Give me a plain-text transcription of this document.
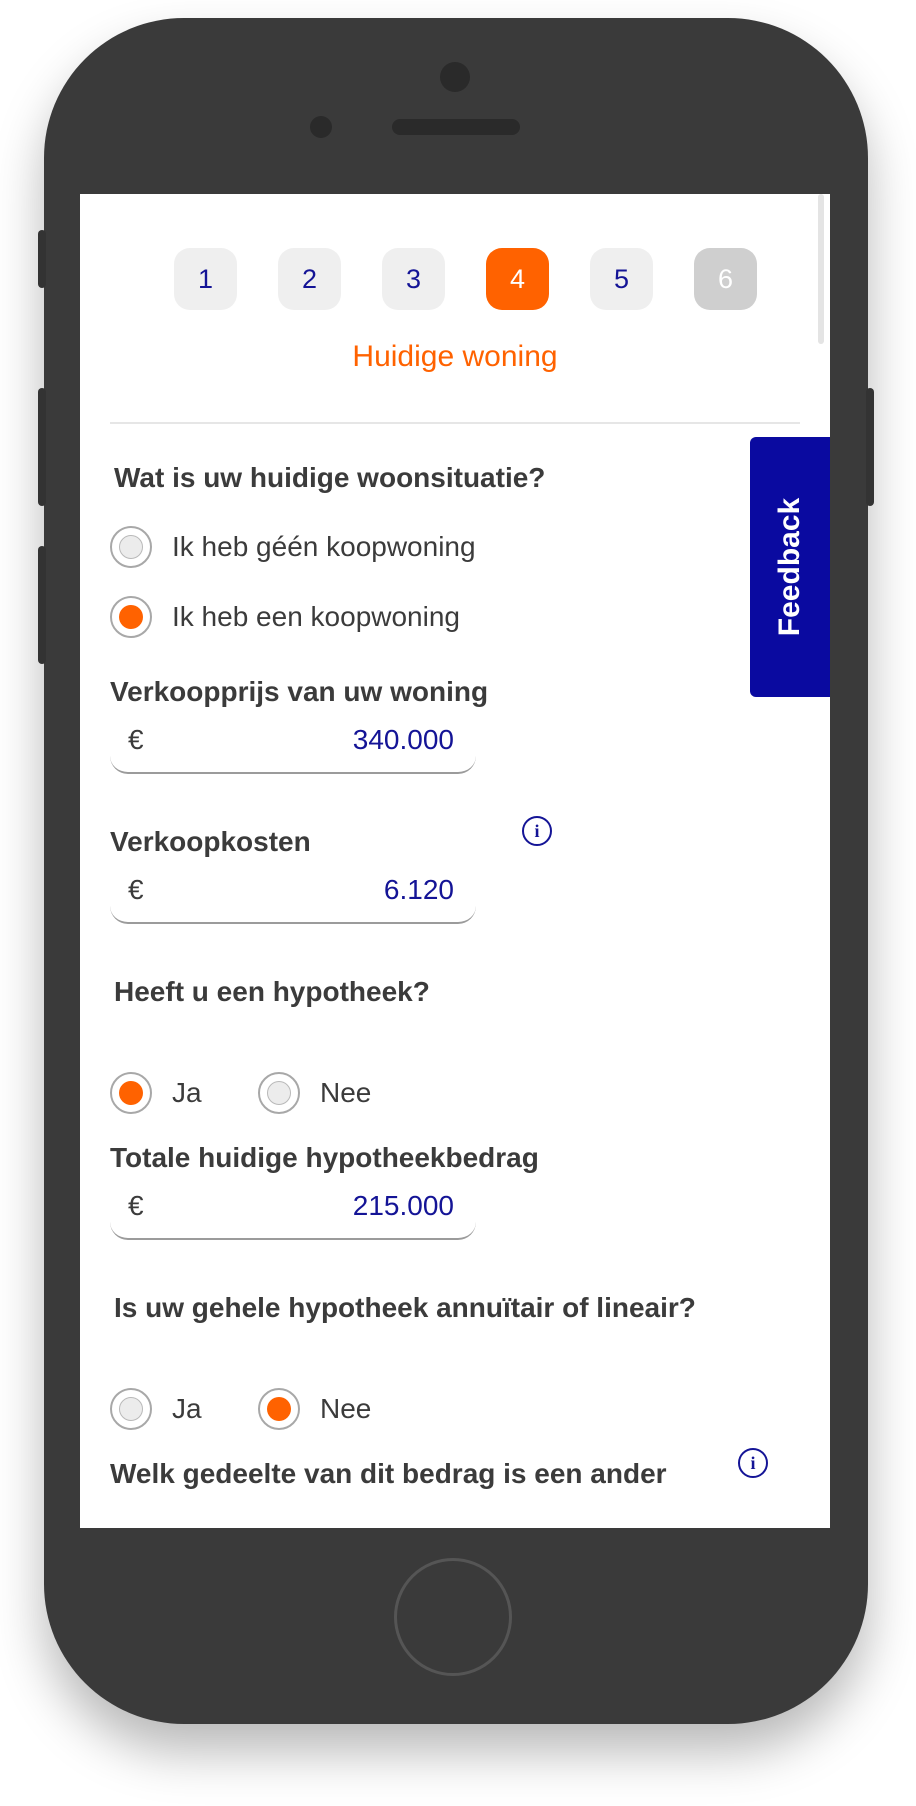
1	2	3	4	5	6
Huidige woning
Wat is uw huidige woonsituatie?
Ik heb géén koopwoning
Ik heb een koopwoning
Verkoopprijs van uw woning
€	340.000
Verkoopkosten	i
€	6.120
Heeft u een hypotheek?
Ja	Nee
Totale huidige hypotheekbedrag
€	215.000
Is uw gehele hypotheek annuïtair of lineair?
Ja	Nee
Welk gedeelte van dit bedrag is een ander	i
Feedback
